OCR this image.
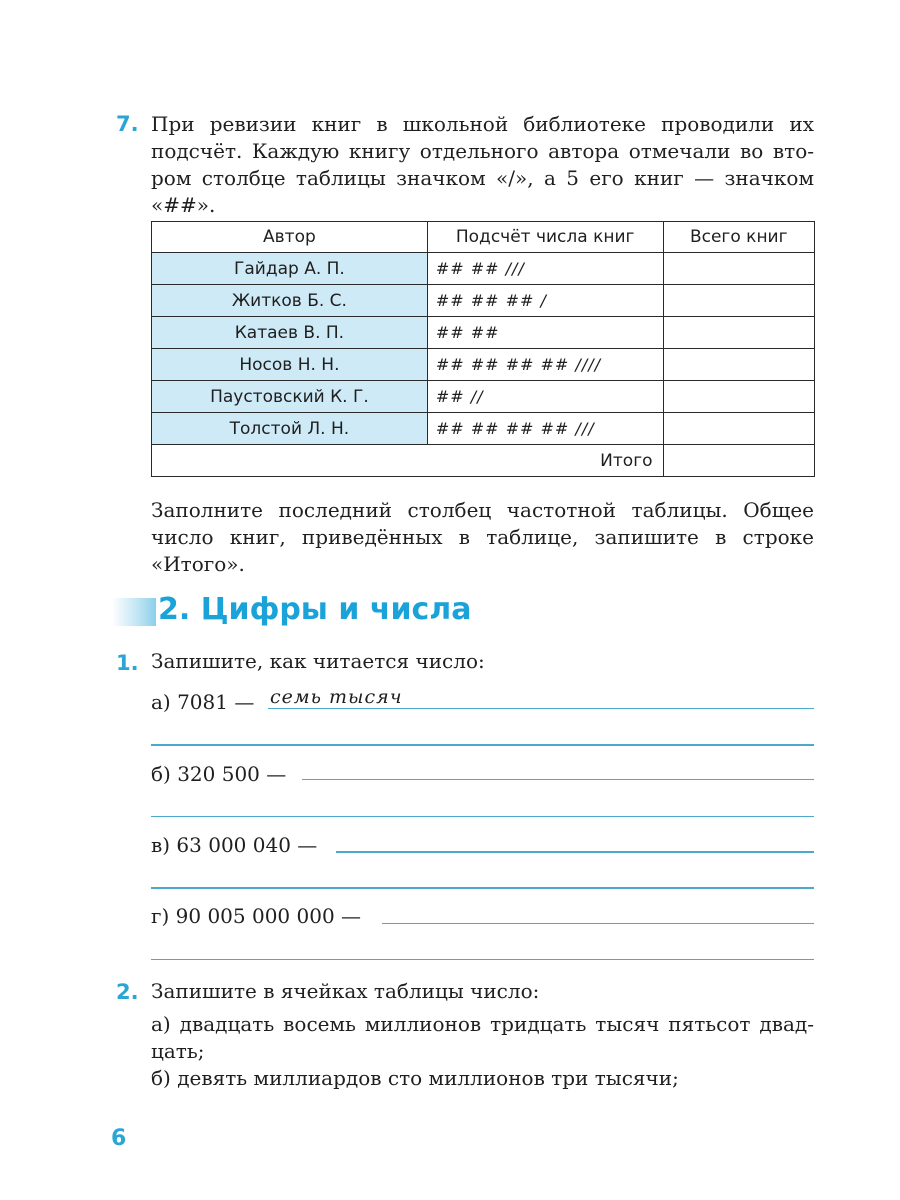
7. При ревизии книг в школьной библиотеке проводили их
подсчёт. Каждую книгу отдельного автора отмечали во вто-
ром столбце таблицы значком «/», а 5 его книг — значком
«##».
Автор	Подсчёт числа книг	Всего книг
Гайдар А. П.	## ## ///	
Житков Б. С.	## ## ## /	
Катаев В. П.	## ##	
Носов Н. Н.	## ## ## ## ////	
Паустовский К. Г.	## //	
Толстой Л. Н.	## ## ## ## ///	
Итого		
Заполните последний столбец частотной таблицы. Общее
число книг, приведённых в таблице, запишите в строке
«Итого».
2. Цифры и числа
1. Запишите, как читается число:
а) 7081 — семь тысяч
б) 320 500 —
в) 63 000 040 —
г) 90 005 000 000 —
2. Запишите в ячейках таблицы число:
а) двадцать восемь миллионов тридцать тысяч пятьсот двад-
цать;
б) девять миллиардов сто миллионов три тысячи;
6
